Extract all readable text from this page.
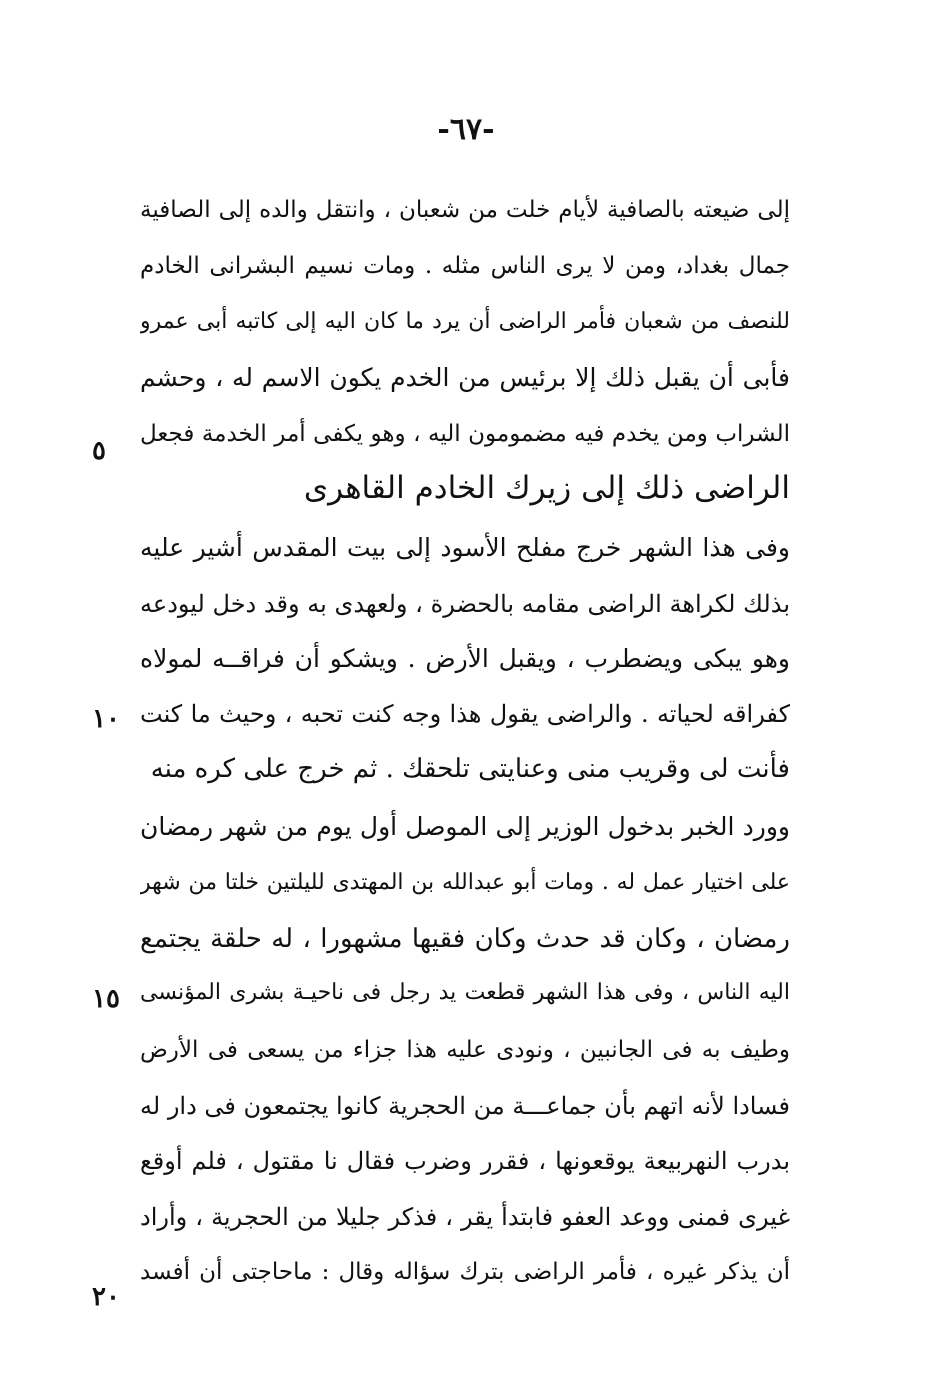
-٦٧-
إلى ضيعته بالصافية لأيام خلت من شعبان ، وانتقل والده إلى الصافية
جمال بغداد، ومن لا يرى الناس مثله . ومات نسيم البشرانى الخادم
للنصف من شعبان فأمر الراضى أن يرد ما كان اليه إلى كاتبه أبى عمرو
فأبى أن يقبل ذلك إلا برئيس من الخدم يكون الاسم له ، وحشم
الشراب ومن يخدم فيه مضمومون اليه ، وهو يكفى أمر الخدمة فجعل
الراضى ذلك إلى زيرك الخادم القاهرى
وفى هذا الشهر خرج مفلح الأسود إلى بيت المقدس أشير عليه
بذلك لكراهة الراضى مقامه بالحضرة ، ولعهدى به وقد دخل ليودعه
وهو يبكى ويضطرب ، ويقبل الأرض . ويشكو أن فراقــه لمولاه
كفراقه لحياته . والراضى يقول هذا وجه كنت تحبه ، وحيث ما كنت
فأنت لى وقريب منى وعنايتى تلحقك . ثم خرج على كره منه
وورد الخبر بدخول الوزير إلى الموصل أول يوم من شهر رمضان
على اختيار عمل له . ومات أبو عبدالله بن المهتدى لليلتين خلتا من شهر
رمضان ، وكان قد حدث وكان فقيها مشهورا ، له حلقة يجتمع
اليه الناس ، وفى هذا الشهر قطعت يد رجل فى ناحيـة بشرى المؤنسى
وطيف به فى الجانبين ، ونودى عليه هذا جزاء من يسعى فى الأرض
فسادا لأنه اتهم بأن جماعـــة من الحجرية كانوا يجتمعون فى دار له
بدرب النهربيعة يوقعونها ، فقرر وضرب فقال نا مقتول ، فلم أوقع
غيرى فمنى ووعد العفو فابتدأ يقر ، فذكر جليلا من الحجرية ، وأراد
أن يذكر غيره ، فأمر الراضى بترك سؤاله وقال : ماحاجتى أن أفسد
٥
١٠
١٥
٢٠
